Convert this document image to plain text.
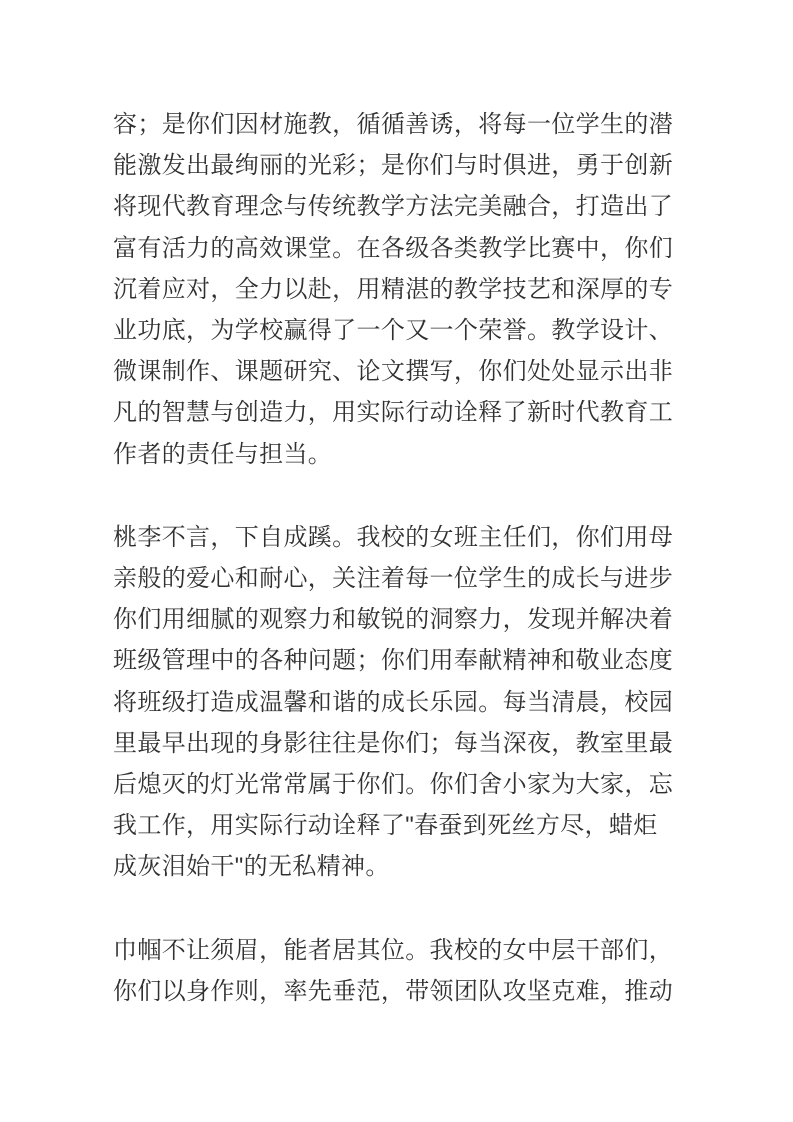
容；是你们因材施教，循循善诱，将每一位学生的潜
能激发出最绚丽的光彩；是你们与时俱进，勇于创新
将现代教育理念与传统教学方法完美融合，打造出了
富有活力的高效课堂。在各级各类教学比赛中，你们
沉着应对，全力以赴，用精湛的教学技艺和深厚的专
业功底，为学校赢得了一个又一个荣誉。教学设计、
微课制作、课题研究、论文撰写，你们处处显示出非
凡的智慧与创造力，用实际行动诠释了新时代教育工
作者的责任与担当。

桃李不言，下自成蹊。我校的女班主任们，你们用母
亲般的爱心和耐心，关注着每一位学生的成长与进步
你们用细腻的观察力和敏锐的洞察力，发现并解决着
班级管理中的各种问题；你们用奉献精神和敬业态度
将班级打造成温馨和谐的成长乐园。每当清晨，校园
里最早出现的身影往往是你们；每当深夜，教室里最
后熄灭的灯光常常属于你们。你们舍小家为大家，忘
我工作，用实际行动诠释了"春蚕到死丝方尽，蜡炬
成灰泪始干"的无私精神。

巾帼不让须眉，能者居其位。我校的女中层干部们，
你们以身作则，率先垂范，带领团队攻坚克难，推动
